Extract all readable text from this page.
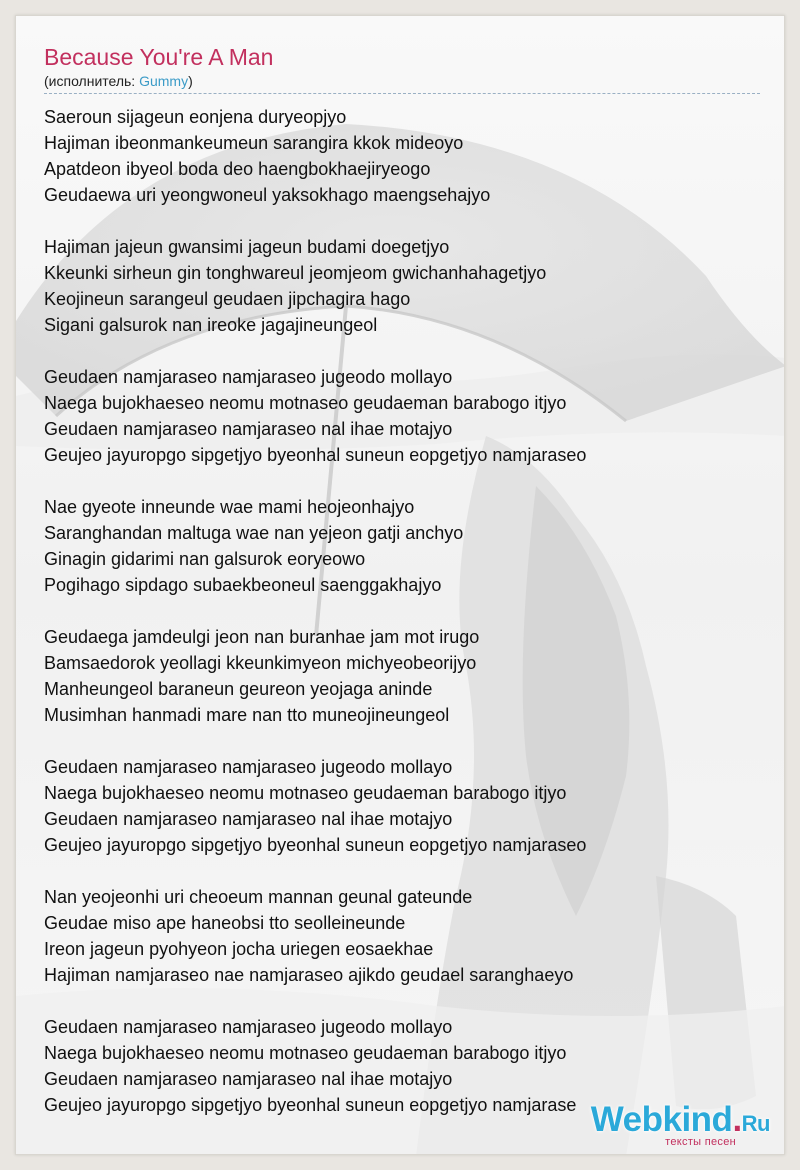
Because You're A Man
(исполнитель: Gummy)
Saeroun sijageun eonjena duryeopjyo
Hajiman ibeonmankeumeun sarangira kkok mideoyo
Apatdeon ibyeol boda deo haengbokhaejiryeogo
Geudaewa uri yeongwoneul yaksokhago maengsehajyo
Hajiman jajeun gwansimi jageun budami doegetjyo
Kkeunki sirheun gin tonghwareul jeomjeom gwichanhahagetjyo
Keojineun sarangeul geudaen jipchagira hago
Sigani galsurok nan ireoke jagajineungeol
Geudaen namjaraseo namjaraseo jugeodo mollayo
Naega bujokhaeseo neomu motnaseo geudaeman barabogo itjyo
Geudaen namjaraseo namjaraseo nal ihae motajyo
Geujeo jayuropgo sipgetjyo byeonhal suneun eopgetjyo namjaraseo
Nae gyeote inneunde wae mami heojeonhajyo
Saranghandan maltuga wae nan yejeon gatji anchyo
Ginagin gidarimi nan galsurok eoryeowo
Pogihago sipdago subaekbeoneul saenggakhajyo
Geudaega jamdeulgi jeon nan buranhae jam mot irugo
Bamsaedorok yeollagi kkeunkimyeon michyeobeorijyo
Manheungeol baraneun geureon yeojaga aninde
Musimhan hanmadi mare nan tto muneojineungeol
Geudaen namjaraseo namjaraseo jugeodo mollayo
Naega bujokhaeseo neomu motnaseo geudaeman barabogo itjyo
Geudaen namjaraseo namjaraseo nal ihae motajyo
Geujeo jayuropgo sipgetjyo byeonhal suneun eopgetjyo namjaraseo
Nan yeojeonhi uri cheoeum mannan geunal gateunde
Geudae miso ape haneobsi tto seolleineunde
Ireon jageun pyohyeon jocha uriegen eosaekhae
Hajiman namjaraseo nae namjaraseo ajikdo geudael saranghaeyo
Geudaen namjaraseo namjaraseo jugeodo mollayo
Naega bujokhaeseo neomu motnaseo geudaeman barabogo itjyo
Geudaen namjaraseo namjaraseo nal ihae motajyo
Geujeo jayuropgo sipgetjyo byeonhal suneun eopgetjyo namjarase Webkind.Ru
тексты песен
